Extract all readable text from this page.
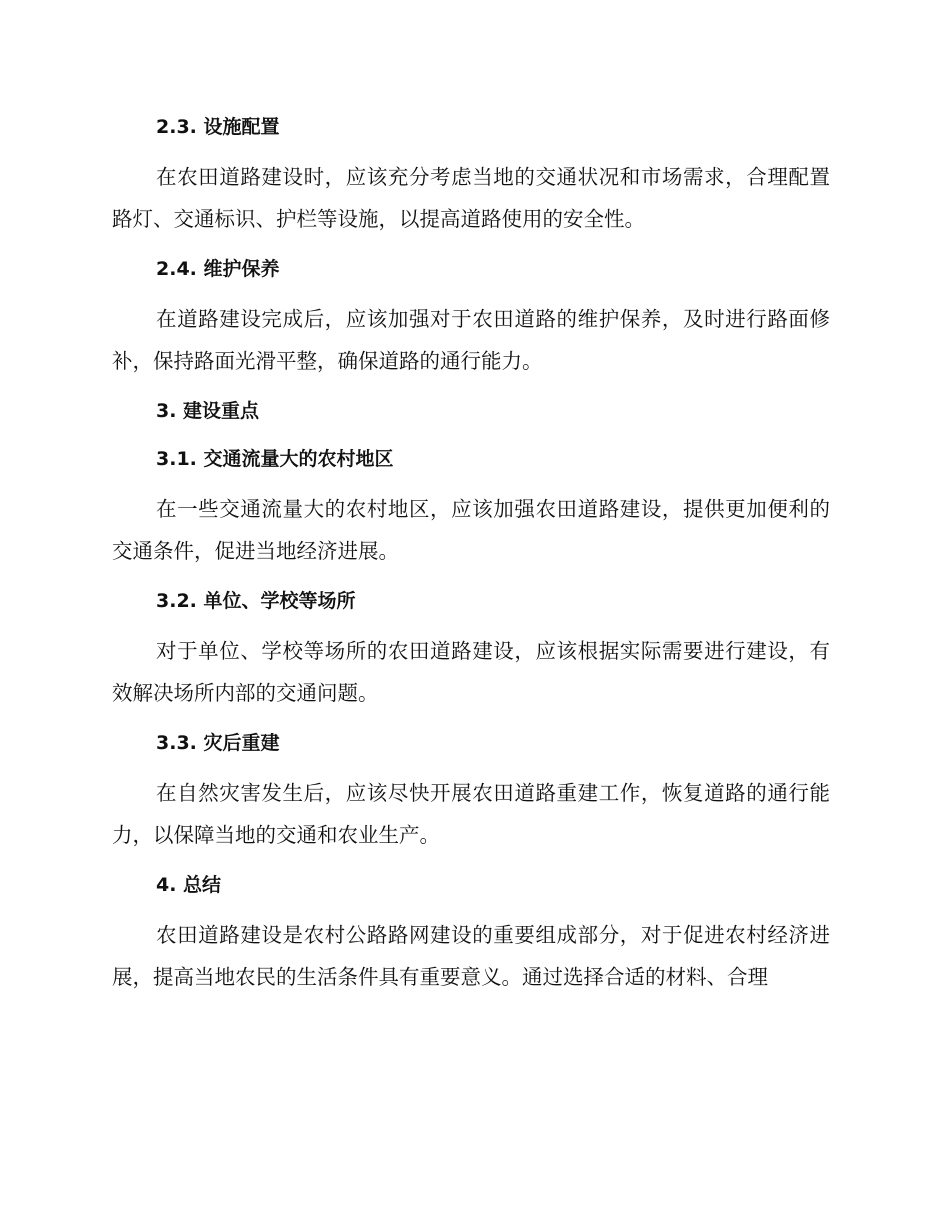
2.3. 设施配置

在农田道路建设时，应该充分考虑当地的交通状况和市场需求，合理配置路灯、交通标识、护栏等设施，以提高道路使用的安全性。

2.4. 维护保养

在道路建设完成后，应该加强对于农田道路的维护保养，及时进行路面修补，保持路面光滑平整，确保道路的通行能力。

3. 建设重点
3.1. 交通流量大的农村地区

在一些交通流量大的农村地区，应该加强农田道路建设，提供更加便利的交通条件，促进当地经济进展。

3.2. 单位、学校等场所

对于单位、学校等场所的农田道路建设，应该根据实际需要进行建设，有效解决场所内部的交通问题。

3.3. 灾后重建

在自然灾害发生后，应该尽快开展农田道路重建工作，恢复道路的通行能力，以保障当地的交通和农业生产。

4. 总结

农田道路建设是农村公路路网建设的重要组成部分，对于促进农村经济进展，提高当地农民的生活条件具有重要意义。通过选择合适的材料、合理
